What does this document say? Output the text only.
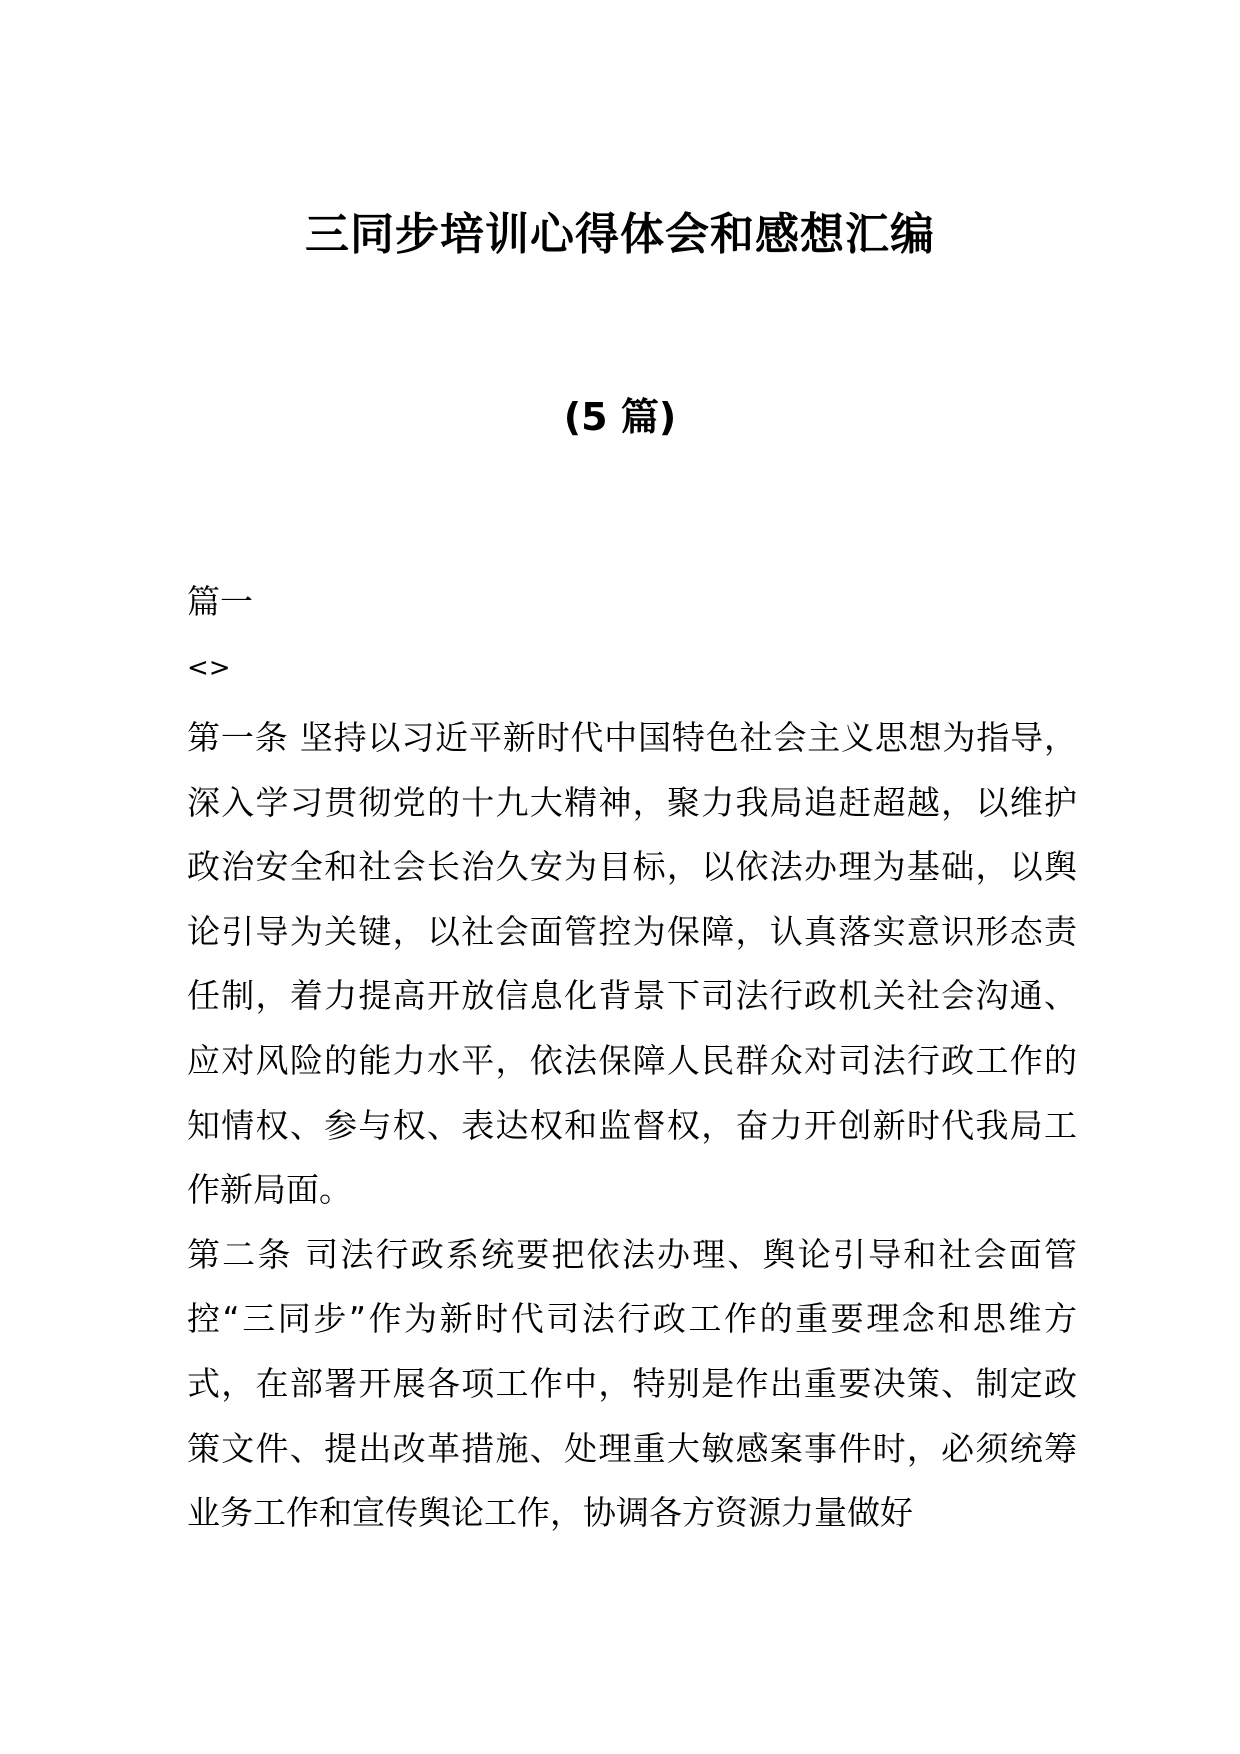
三同步培训心得体会和感想汇编
(5 篇)
篇一
<>

第一条 坚持以习近平新时代中国特色社会主义思想为指导，深入学习贯彻党的十九大精神，聚力我局追赶超越，以维护政治安全和社会长治久安为目标，以依法办理为基础，以舆论引导为关键，以社会面管控为保障，认真落实意识形态责任制，着力提高开放信息化背景下司法行政机关社会沟通、应对风险的能力水平，依法保障人民群众对司法行政工作的知情权、参与权、表达权和监督权，奋力开创新时代我局工作新局面。

第二条 司法行政系统要把依法办理、舆论引导和社会面管控“三同步”作为新时代司法行政工作的重要理念和思维方式，在部署开展各项工作中，特别是作出重要决策、制定政策文件、提出改革措施、处理重大敏感案事件时，必须统筹业务工作和宣传舆论工作，协调各方资源力量做好
